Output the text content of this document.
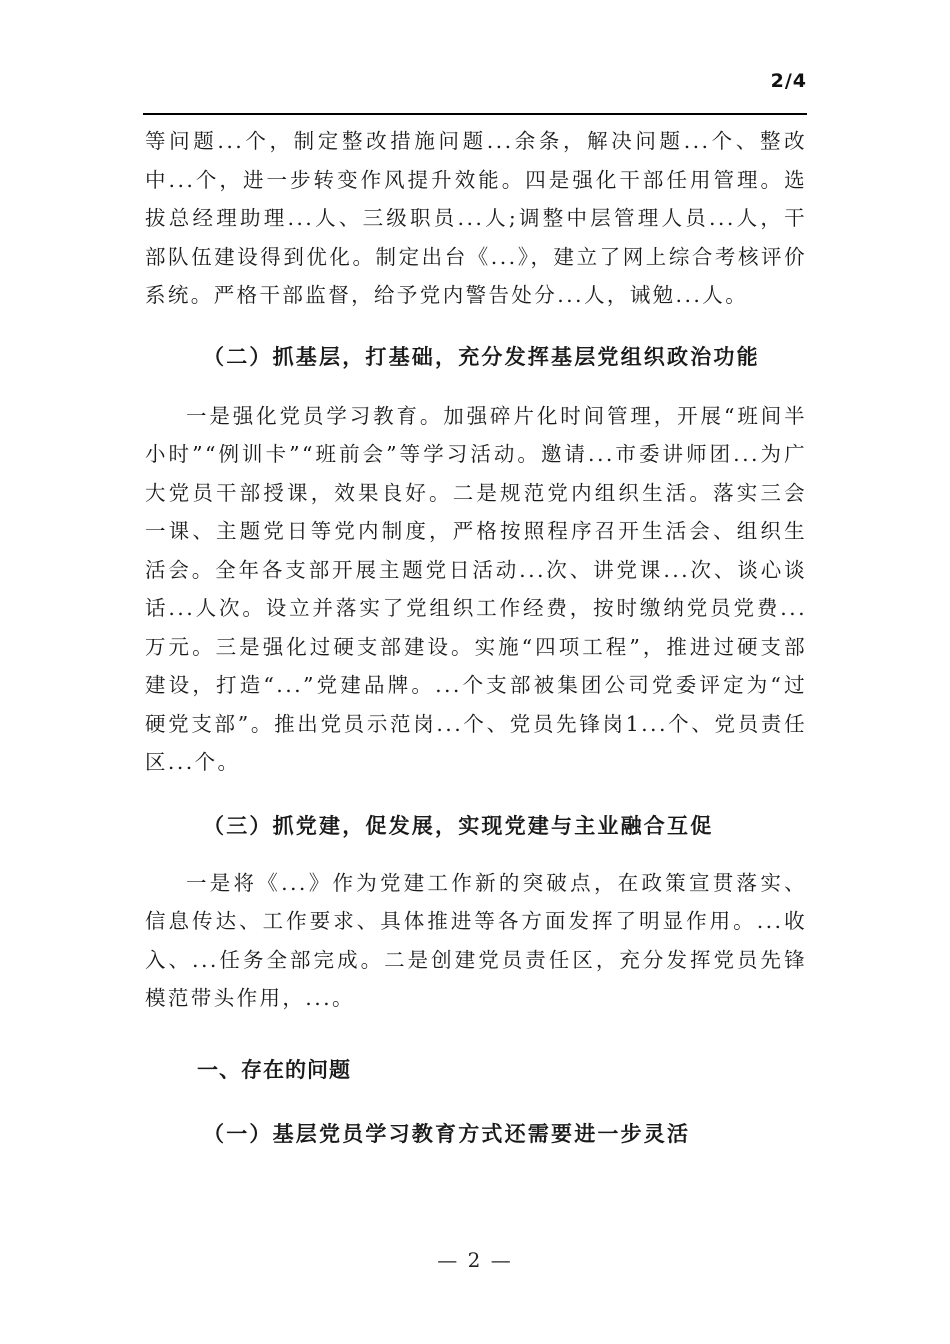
2/4

等问题...个，制定整改措施问题...余条，解决问题...个、整改中...个，进一步转变作风提升效能。四是强化干部任用管理。选拔总经理助理...人、三级职员...人;调整中层管理人员...人，干部队伍建设得到优化。制定出台《...》，建立了网上综合考核评价系统。严格干部监督，给予党内警告处分...人，诫勉...人。

（二）抓基层，打基础，充分发挥基层党组织政治功能

一是强化党员学习教育。加强碎片化时间管理，开展“班间半小时”“例训卡”“班前会”等学习活动。邀请...市委讲师团...为广大党员干部授课，效果良好。二是规范党内组织生活。落实三会一课、主题党日等党内制度，严格按照程序召开生活会、组织生活会。全年各支部开展主题党日活动...次、讲党课...次、谈心谈话...人次。设立并落实了党组织工作经费，按时缴纳党员党费...万元。三是强化过硬支部建设。实施“四项工程”，推进过硬支部建设，打造“...”党建品牌。...个支部被集团公司党委评定为“过硬党支部”。推出党员示范岗...个、党员先锋岗1...个、党员责任区...个。

（三）抓党建，促发展，实现党建与主业融合互促

一是将《...》作为党建工作新的突破点，在政策宣贯落实、信息传达、工作要求、具体推进等各方面发挥了明显作用。...收入、...任务全部完成。二是创建党员责任区，充分发挥党员先锋模范带头作用，...。

一、存在的问题

（一）基层党员学习教育方式还需要进一步灵活

— 2 —
